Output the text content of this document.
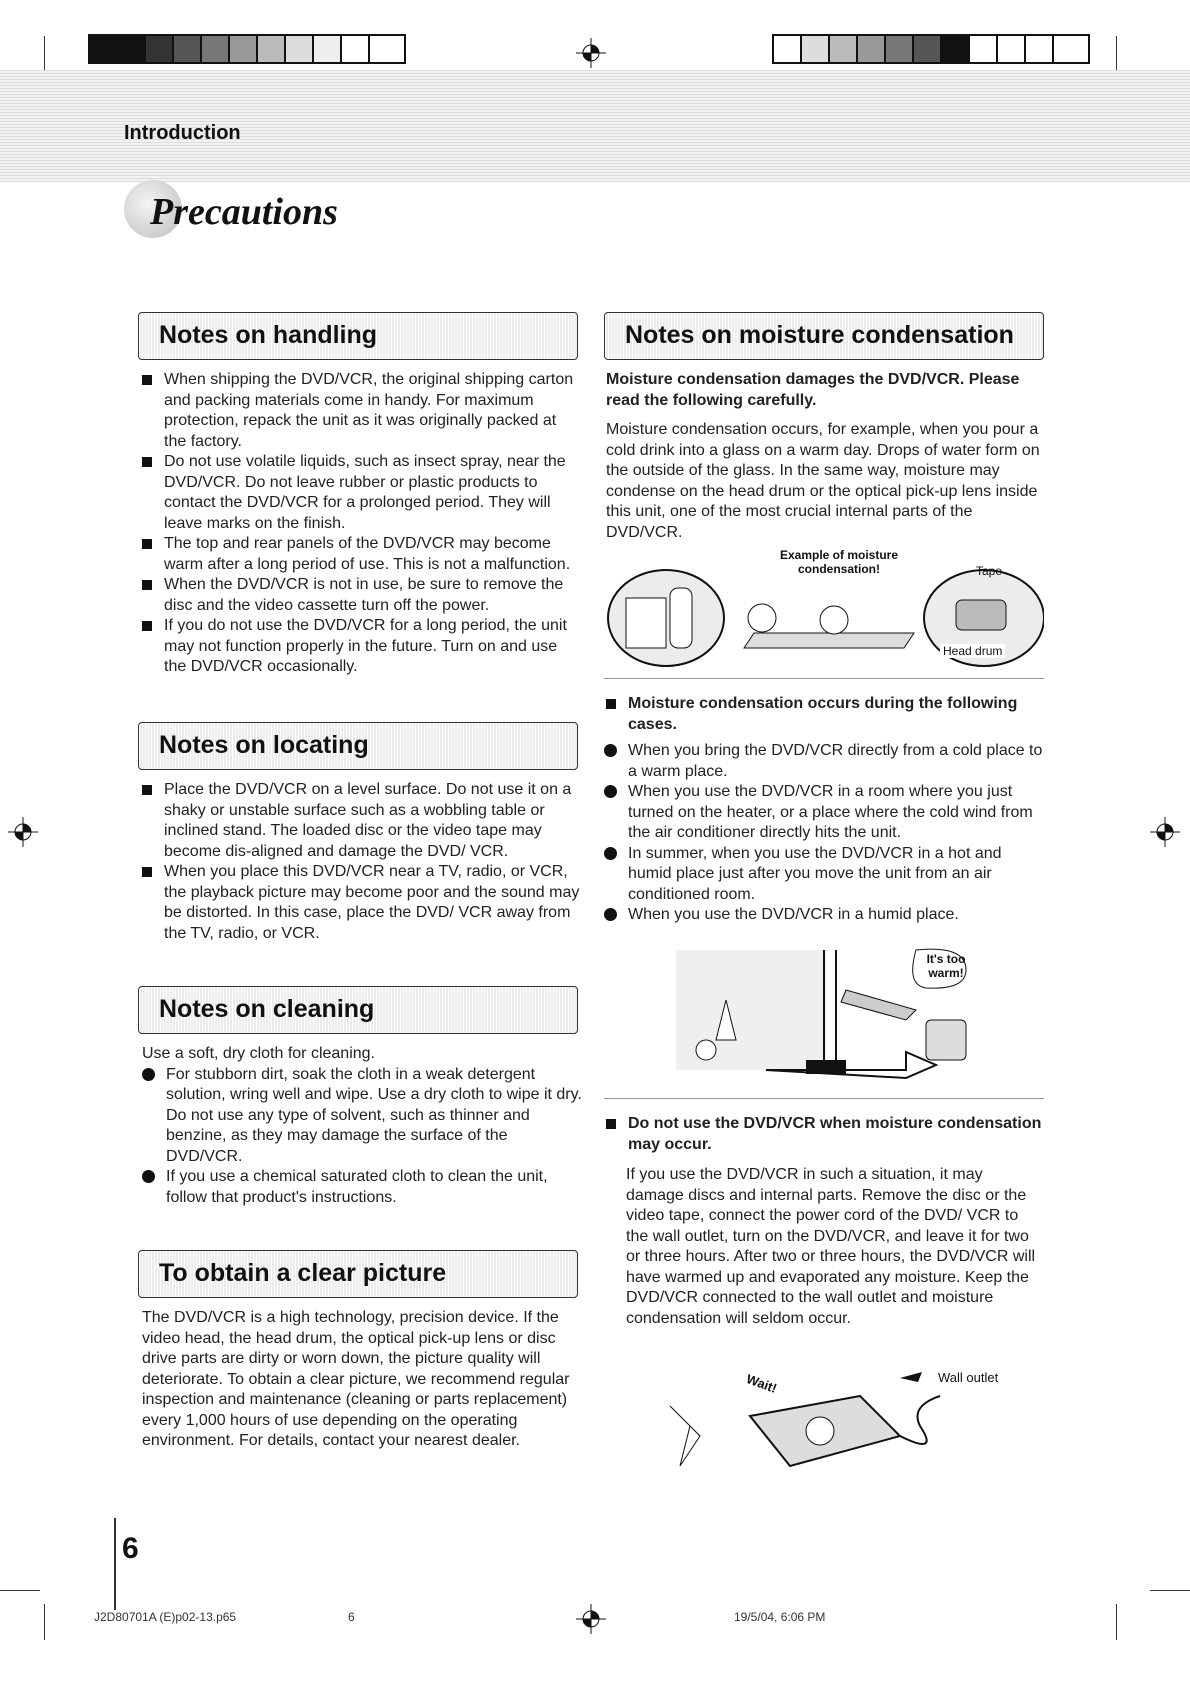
Introduction
Precautions
Notes on handling
When shipping the DVD/VCR, the original shipping carton and packing materials come in handy. For maximum protection, repack the unit as it was originally packed at the factory.
Do not use volatile liquids, such as insect spray, near the DVD/VCR. Do not leave rubber or plastic products to contact the DVD/VCR for a prolonged period. They will leave marks on the finish.
The top and rear panels of the DVD/VCR may become warm after a long period of use. This is not a malfunction.
When the DVD/VCR is not in use, be sure to remove the disc and the video cassette turn off the power.
If you do not use the DVD/VCR for a long period, the unit may not function properly in the future. Turn on and use the DVD/VCR occasionally.
Notes on locating
Place the DVD/VCR on a level surface. Do not use it on a shaky or unstable surface such as a wobbling table or inclined stand. The loaded disc or the video tape may become dis-aligned and damage the DVD/ VCR.
When you place this DVD/VCR near a TV, radio, or VCR, the playback picture may become poor and the sound may be distorted. In this case, place the DVD/ VCR away from the TV, radio, or VCR.
Notes on cleaning

Use a soft, dry cloth for cleaning.

For stubborn dirt, soak the cloth in a weak detergent solution, wring well and wipe. Use a dry cloth to wipe it dry.
Do not use any type of solvent, such as thinner and benzine, as they may damage the surface of the DVD/VCR.
If you use a chemical saturated cloth to clean the unit, follow that product's instructions.
To obtain a clear picture
The DVD/VCR is a high technology, precision device. If the video head, the head drum, the optical pick-up lens or disc drive parts are dirty or worn down, the picture quality will deteriorate. To obtain a clear picture, we recommend regular inspection and maintenance (cleaning or parts replacement) every 1,000 hours of use depending on the operating environment. For details, contact your nearest dealer.
Notes on moisture condensation
Moisture condensation damages the DVD/VCR. Please read the following carefully.
Moisture condensation occurs, for example, when you pour a cold drink into a glass on a warm day. Drops of water form on the outside of the glass. In the same way, moisture may condense on the head drum or the optical pick-up lens inside this unit, one of the most crucial internal parts of the DVD/VCR.
Example of moisture condensation!	Tape
Head drum
Moisture condensation occurs during the following cases.
When you bring the DVD/VCR directly from a cold place to a warm place.
When you use the DVD/VCR in a room where you just turned on the heater, or a place where the cold wind from the air conditioner directly hits the unit.
In summer, when you use the DVD/VCR in a hot and humid place just after you move the unit from an air conditioned room.
When you use the DVD/VCR in a humid place.
It's too warm!
Do not use the DVD/VCR when moisture condensation may occur.

If you use the DVD/VCR in such a situation, it may damage discs and internal parts. Remove the disc or the video tape, connect the power cord of the DVD/ VCR to the wall outlet, turn on the DVD/VCR, and leave it for two or three hours. After two or three hours, the DVD/VCR will have warmed up and evaporated any moisture. Keep the DVD/VCR connected to the wall outlet and moisture condensation will seldom occur.

Wait!	Wall outlet
6
J2D80701A (E)p02-13.p65	6	19/5/04, 6:06 PM
